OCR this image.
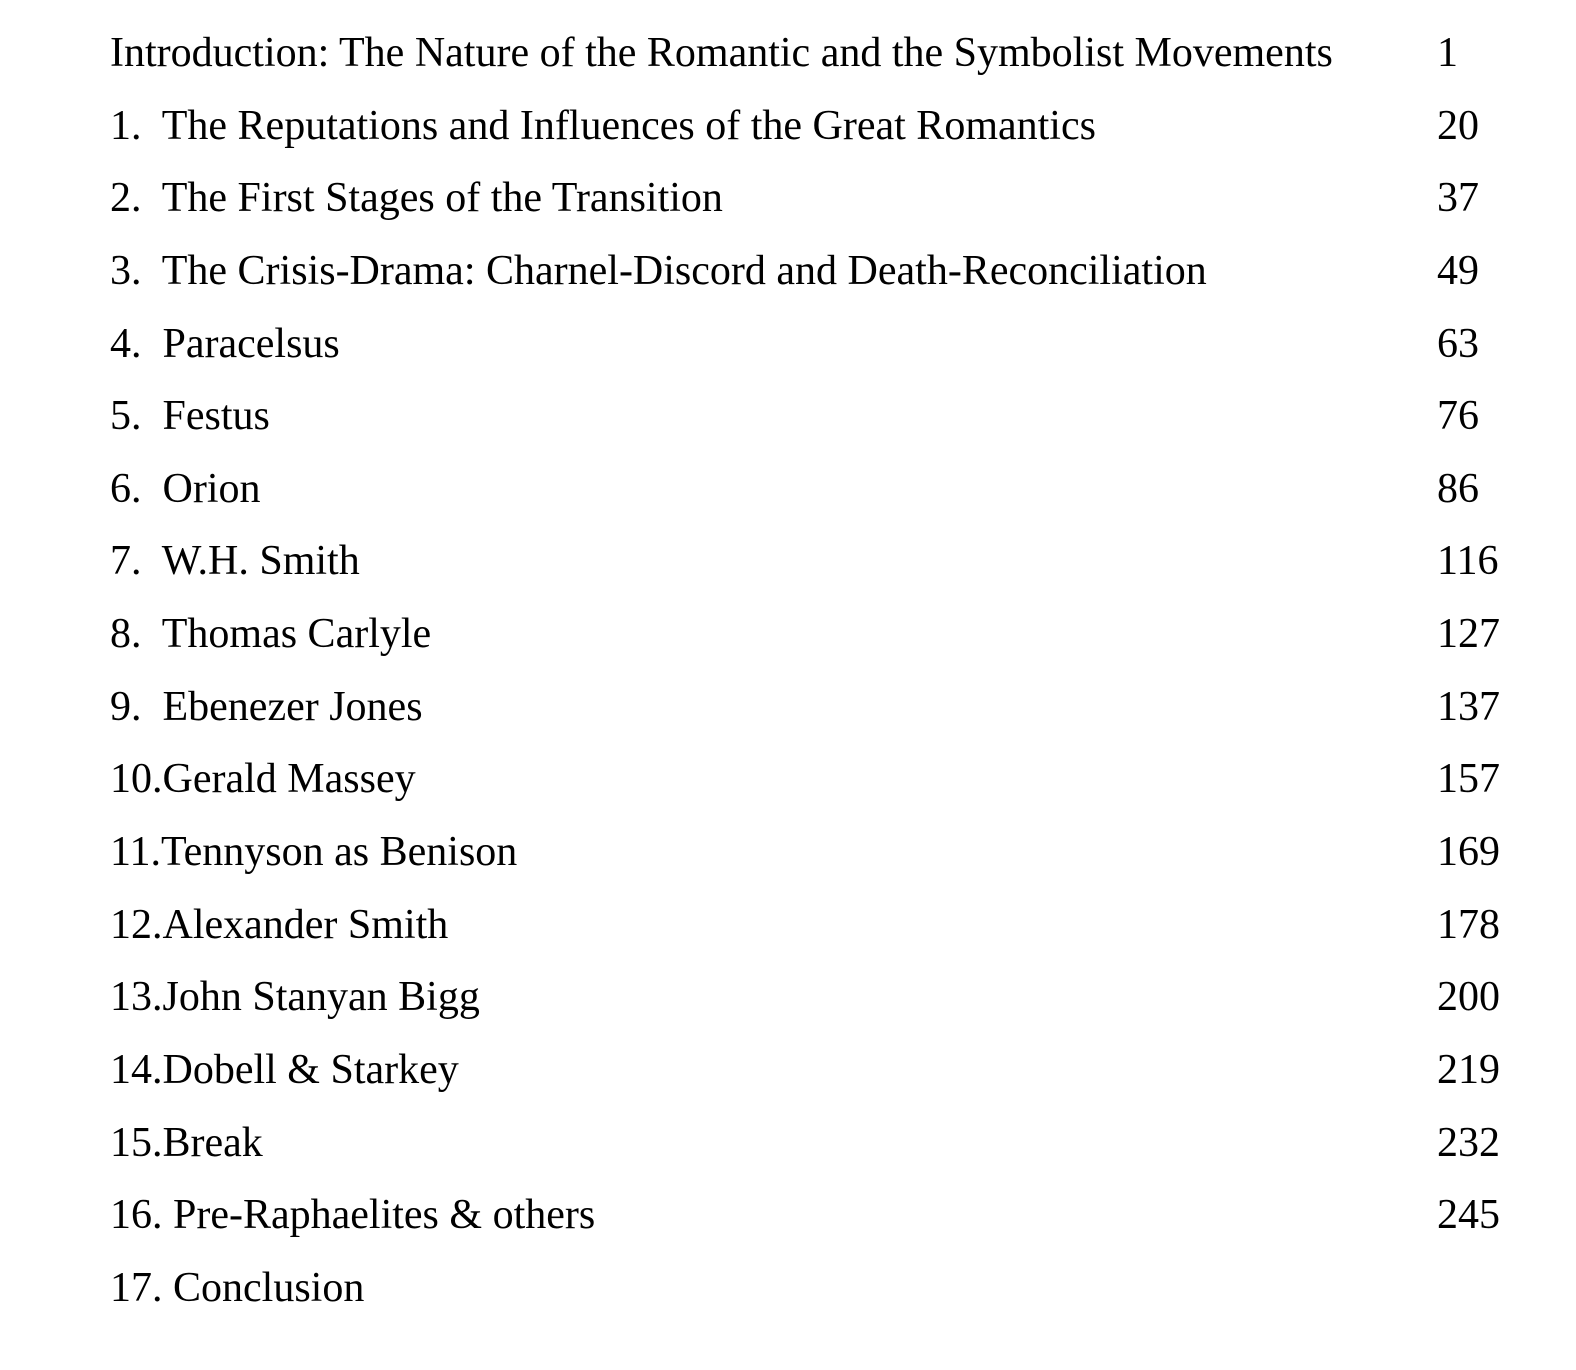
Introduction: The Nature of the Romantic and the Symbolist Movements	1
1.  The Reputations and Influences of the Great Romantics	20
2.  The First Stages of the Transition	37
3.  The Crisis-Drama: Charnel-Discord and Death-Reconciliation	49
4.  Paracelsus	63
5.  Festus	76
6.  Orion	86
7.  W.H. Smith	116
8.  Thomas Carlyle	127
9.  Ebenezer Jones	137
10.Gerald Massey	157
11.Tennyson as Benison	169
12.Alexander Smith	178
13.John Stanyan Bigg	200
14.Dobell & Starkey	219
15.Break	232
16. Pre-Raphaelites & others	245
17. Conclusion
